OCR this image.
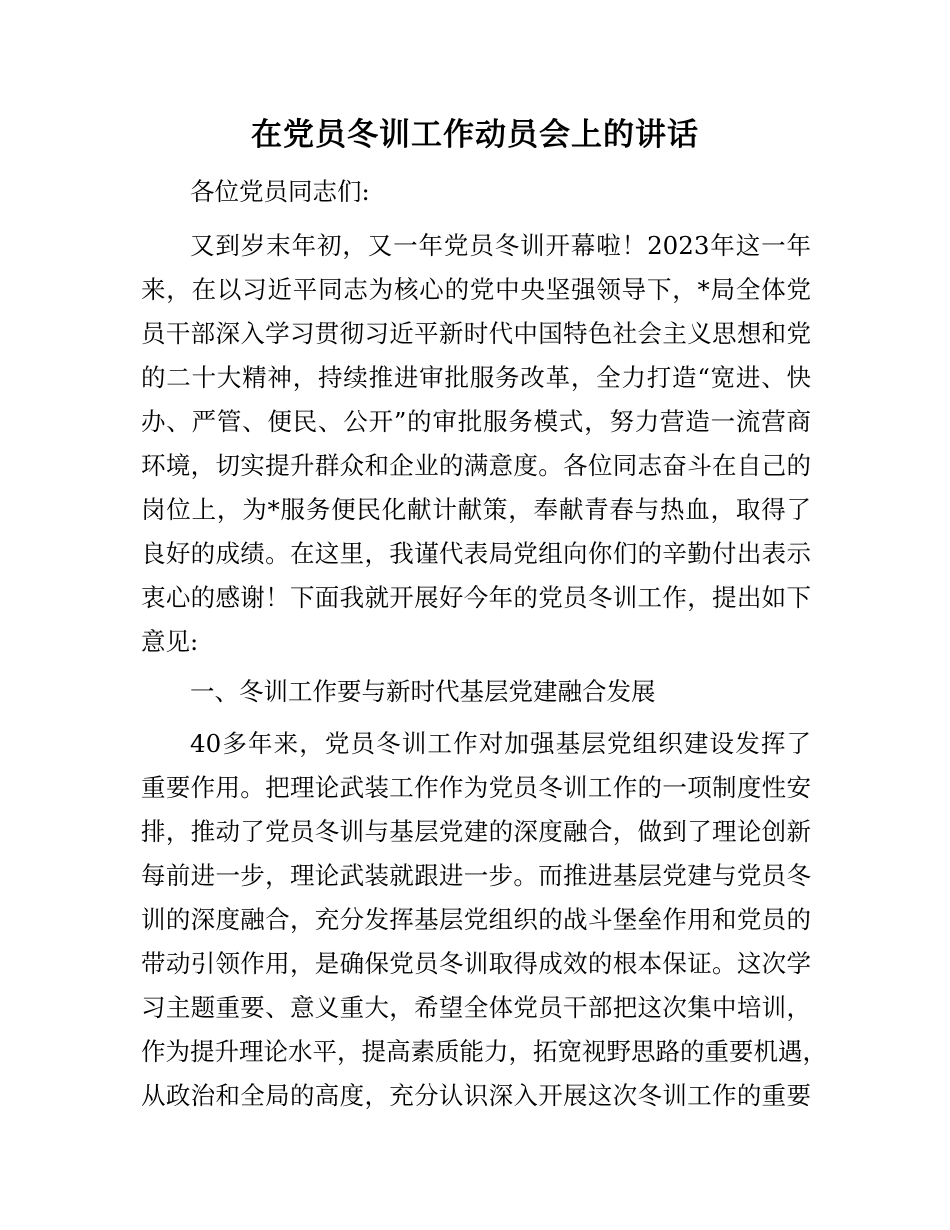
在党员冬训工作动员会上的讲话

各位党员同志们:

又到岁末年初，又一年党员冬训开幕啦！2023年这一年

来，在以习近平同志为核心的党中央坚强领导下，*局全体党

员干部深入学习贯彻习近平新时代中国特色社会主义思想和党

的二十大精神，持续推进审批服务改革，全力打造“宽进、快

办、严管、便民、公开”的审批服务模式，努力营造一流营商

环境，切实提升群众和企业的满意度。各位同志奋斗在自己的

岗位上，为*服务便民化献计献策，奉献青春与热血，取得了

良好的成绩。在这里，我谨代表局党组向你们的辛勤付出表示

衷心的感谢！下面我就开展好今年的党员冬训工作，提出如下

意见:

一、冬训工作要与新时代基层党建融合发展

40多年来，党员冬训工作对加强基层党组织建设发挥了

重要作用。把理论武装工作作为党员冬训工作的一项制度性安

排，推动了党员冬训与基层党建的深度融合，做到了理论创新

每前进一步，理论武装就跟进一步。而推进基层党建与党员冬

训的深度融合，充分发挥基层党组织的战斗堡垒作用和党员的

带动引领作用，是确保党员冬训取得成效的根本保证。这次学

习主题重要、意义重大，希望全体党员干部把这次集中培训，

作为提升理论水平，提高素质能力，拓宽视野思路的重要机遇，

从政治和全局的高度，充分认识深入开展这次冬训工作的重要
